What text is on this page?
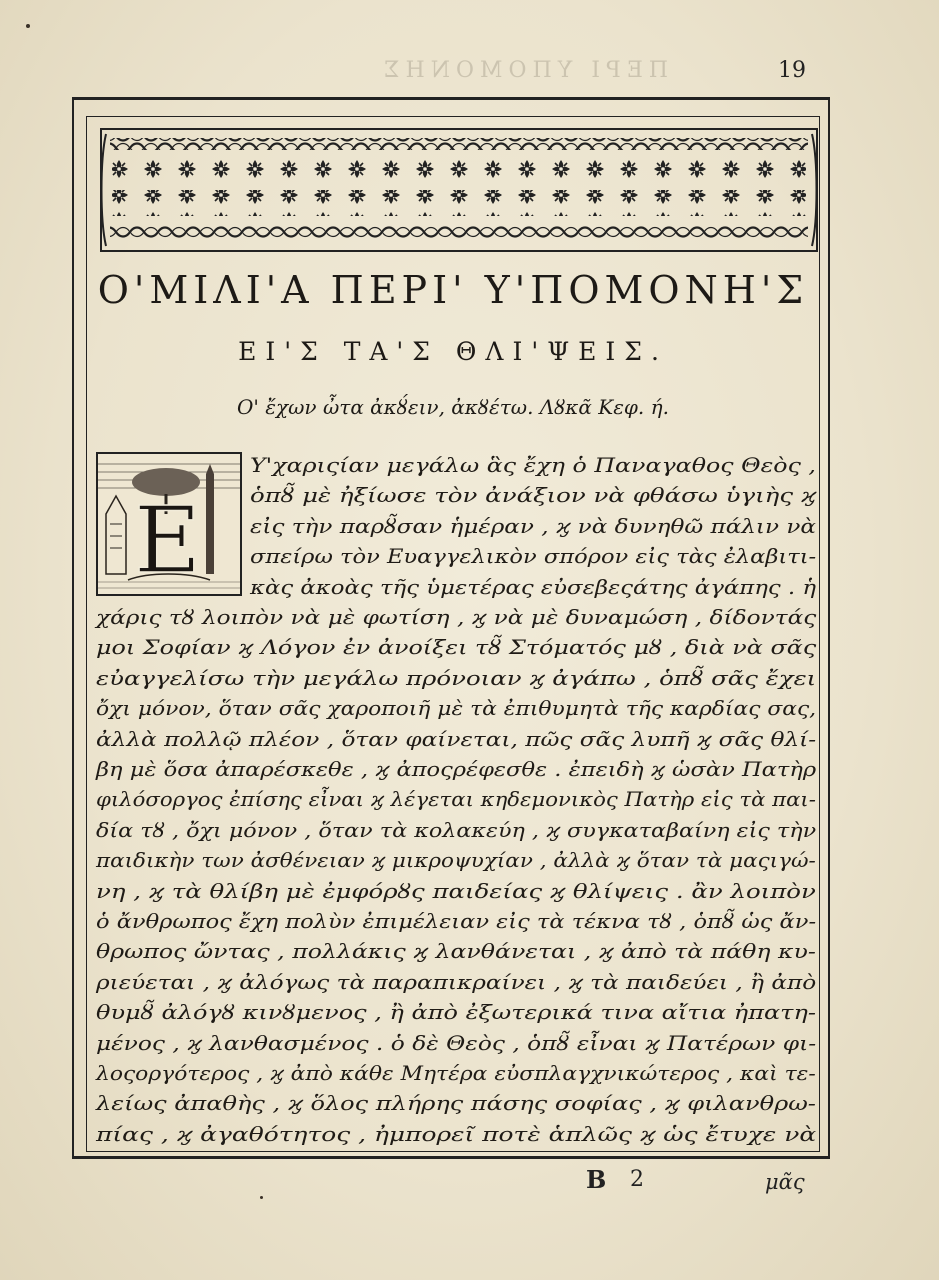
ΠΕΡΙ ΥΠΟΜΟΝΗΣ	19
Ο'ΜΙΛΙ'Α ΠΕΡΙ' Υ'ΠΟΜΟΝΗ'Σ
ΕΙ'Σ ΤΑ'Σ ΘΛΙ'ΨΕΙΣ.
Ο' ἔχων ὦτα ἀκȣ́ειν, ἀκȣέτω. Λȣκᾶ Κεφ. ή.
E
Υ'χαριςίαν μεγάλω ἃς ἔχη ὁ Παναγαθος Θεὸς ,
ὁπȣ̃ μὲ ἠξίωσε τὸν ἀνάξιον νὰ φθάσω ὑγιὴς ϗ
εἰς τὴν παρȣ̃σαν ἡμέραν , ϗ νὰ δυνηθῶ πάλιν νὰ
σπείρω τὸν Ευαγγελικὸν σπόρον εἰς τὰς ἐλαβιτι-
κὰς ἀκοὰς τῆς ὑμετέρας εὐσεβεςάτης ἀγάπης . ἡ
χάρις τȣ λοιπὸν νὰ μὲ φωτίση , ϗ νὰ μὲ δυναμώση , δίδοντάς
μοι Σοφίαν ϗ Λόγον ἐν ἀνοίξει τȣ̃ Στόματός μȣ , διὰ νὰ σᾶς
εὐαγγελίσω τὴν μεγάλω πρόνοιαν ϗ ἀγάπω , ὁπȣ̃ σᾶς ἔχει
ὄχι μόνον, ὅταν σᾶς χαροποιῆ μὲ τὰ ἐπιθυμητὰ τῆς καρδίας σας,
ἀλλὰ πολλῷ πλέον , ὅταν φαίνεται, πῶς σᾶς λυπῆ ϗ σᾶς θλί-
βη μὲ ὅσα ἀπαρέσκεθε , ϗ ἀποςρέφεσθε . ἐπειδὴ ϗ ὡσὰν Πατὴρ
φιλόσοργος ἐπίσης εἶναι ϗ λέγεται κηδεμονικὸς Πατὴρ εἰς τὰ παι-
δία τȣ , ὄχι μόνον , ὅταν τὰ κολακεύη , ϗ συγκαταβαίνη εἰς τὴν
παιδικὴν των ἀσθένειαν ϗ μικροψυχίαν , ἀλλὰ ϗ ὅταν τὰ μαςιγώ-
νη , ϗ τὰ θλίβη μὲ ἐμφόρȣς παιδείας ϗ θλίψεις . ἂν λοιπὸν
ὁ ἄνθρωπος ἔχη πολὺν ἐπιμέλειαν εἰς τὰ τέκνα τȣ , ὁπȣ̃ ὡς ἄν-
θρωπος ὤντας , πολλάκις ϗ λανθάνεται , ϗ ἀπὸ τὰ πάθη κυ-
ριεύεται , ϗ ἀλόγως τὰ παραπικραίνει , ϗ τὰ παιδεύει , ἢ ἀπὸ
θυμȣ̃ ἀλόγȣ κινȣμενος , ἢ ἀπὸ ἐξωτερικά τινα αἴτια ἠπατη-
μένος , ϗ λανθασμένος . ὁ δὲ Θεὸς , ὁπȣ̃ εἶναι ϗ Πατέρων φι-
λοςοργότερος , ϗ ἀπὸ κάθε Μητέρα εὐσπλαγχνικώτερος , καὶ τε-
λείως ἀπαθὴς , ϗ ὅλος πλήρης πάσης σοφίας , ϗ φιλανθρω-
πίας , ϗ ἀγαθότητος , ἠμπορεῖ ποτὲ ἁπλῶς ϗ ὡς ἔτυχε νὰ
B 2	μᾶς
